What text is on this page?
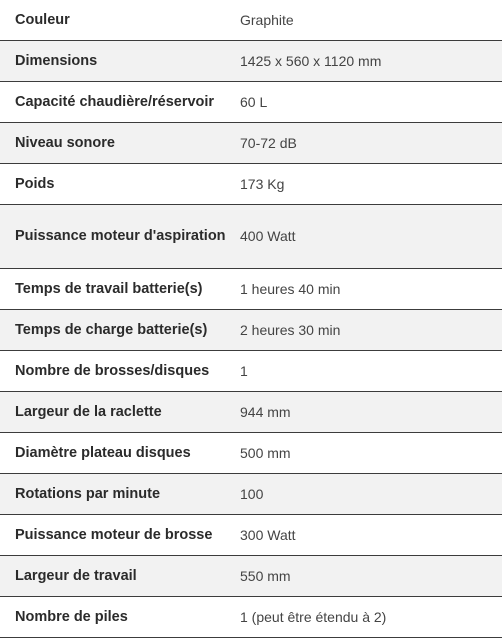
Couleur	Graphite
Dimensions	1425 x 560 x 1120 mm
Capacité chaudière/réservoir	60 L
Niveau sonore	70-72 dB
Poids	173 Kg
Puissance moteur d'aspiration	400 Watt
Temps de travail batterie(s)	1 heures 40 min
Temps de charge batterie(s)	2 heures 30 min
Nombre de brosses/disques	1
Largeur de la raclette	944 mm
Diamètre plateau disques	500 mm
Rotations par minute	100
Puissance moteur de brosse	300 Watt
Largeur de travail	550 mm
Nombre de piles	1 (peut être étendu à 2)
